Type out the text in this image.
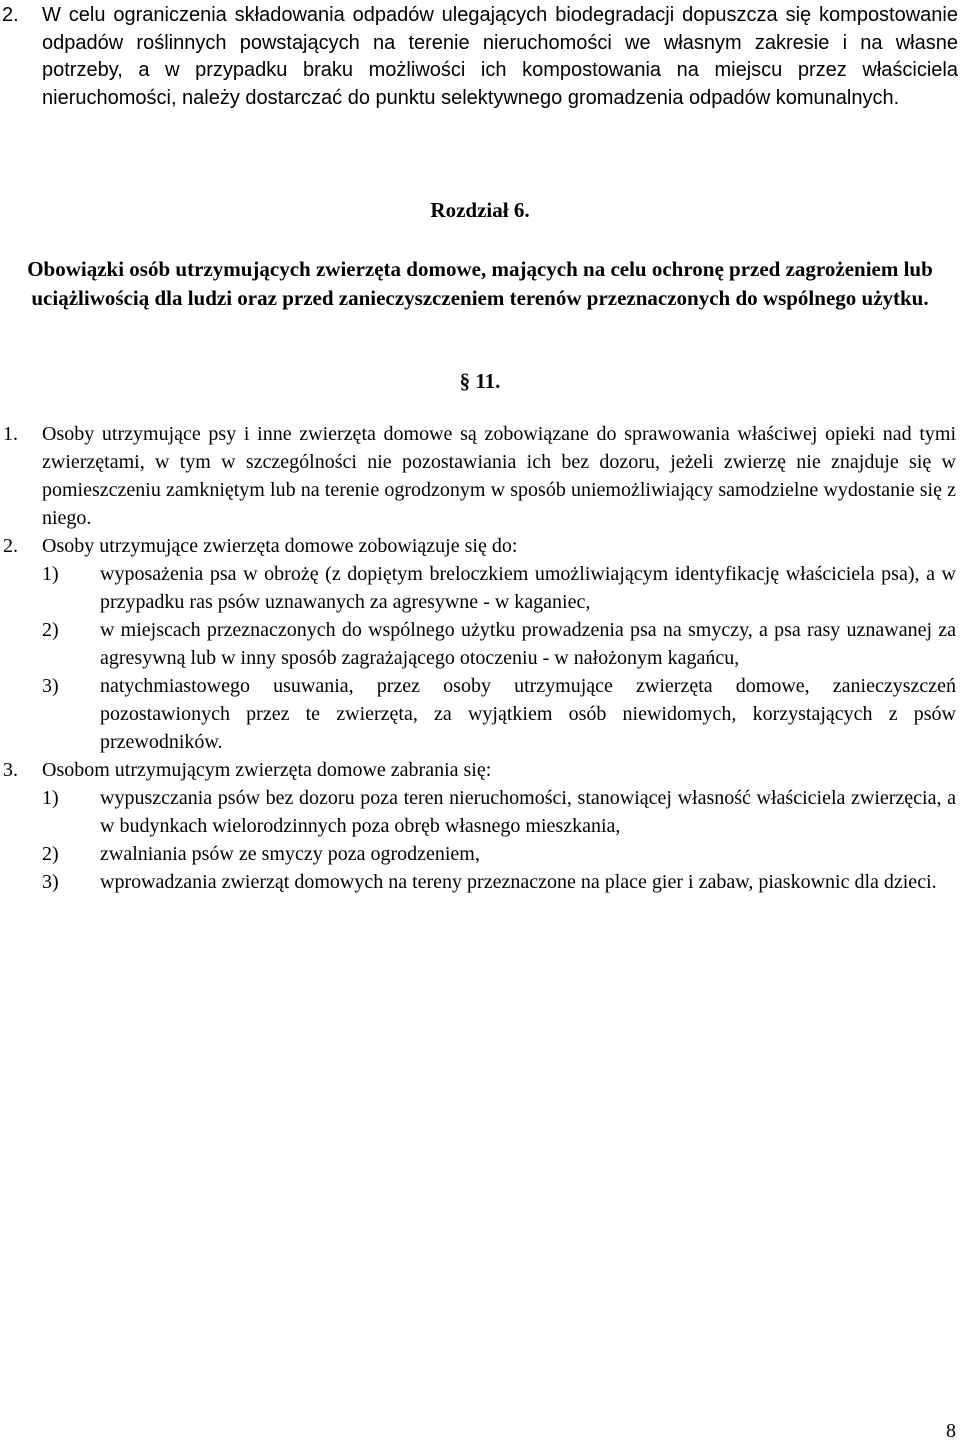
2. W celu ograniczenia składowania odpadów ulegających biodegradacji dopuszcza się kompostowanie odpadów roślinnych powstających na terenie nieruchomości we własnym zakresie i na własne potrzeby, a w przypadku braku możliwości ich kompostowania na miejscu przez właściciela nieruchomości, należy dostarczać do punktu selektywnego gromadzenia odpadów komunalnych.
Rozdział 6.
Obowiązki osób utrzymujących zwierzęta domowe, mających na celu ochronę przed zagrożeniem lub uciążliwością dla ludzi oraz przed zanieczyszczeniem terenów przeznaczonych do wspólnego użytku.
§ 11.
1. Osoby utrzymujące psy i inne zwierzęta domowe są zobowiązane do sprawowania właściwej opieki nad tymi zwierzętami, w tym w szczególności nie pozostawiania ich bez dozoru, jeżeli zwierzę nie znajduje się w pomieszczeniu zamkniętym lub na terenie ogrodzonym w sposób uniemożliwiający samodzielne wydostanie się z niego.
2. Osoby utrzymujące zwierzęta domowe zobowiązuje się do:
1) wyposażenia psa w obrożę (z dopiętym breloczkiem umożliwiającym identyfikację właściciela psa), a w przypadku ras psów uznawanych za agresywne - w kaganiec,
2) w miejscach przeznaczonych do wspólnego użytku prowadzenia psa na smyczy, a psa rasy uznawanej za agresywną lub w inny sposób zagrażającego otoczeniu - w nałożonym kagańcu,
3) natychmiastowego usuwania, przez osoby utrzymujące zwierzęta domowe, zanieczyszczeń pozostawionych przez te zwierzęta, za wyjątkiem osób niewidomych, korzystających z psów przewodników.
3. Osobom utrzymującym zwierzęta domowe zabrania się:
1) wypuszczania psów bez dozoru poza teren nieruchomości, stanowiącej własność właściciela zwierzęcia, a w budynkach wielorodzinnych poza obręb własnego mieszkania,
2) zwalniania psów ze smyczy poza ogrodzeniem,
3) wprowadzania zwierząt domowych na tereny przeznaczone na place gier i zabaw, piaskownic dla dzieci.
8
